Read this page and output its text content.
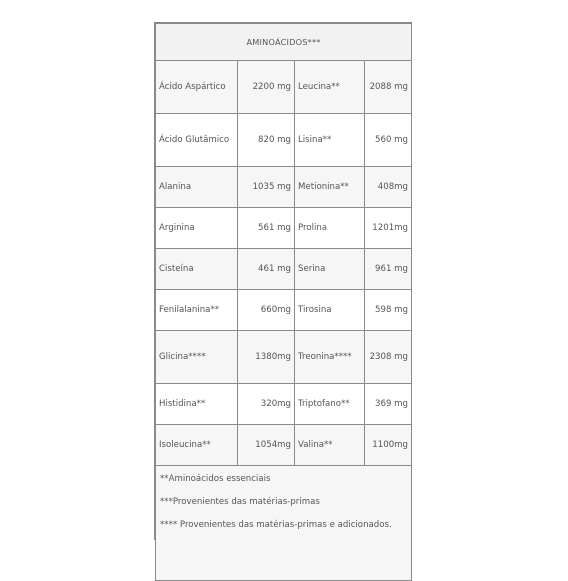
AMINOÁCIDOS***			
Ácido Aspártico	2200 mg	Leucina**	2088 mg
Ácido Glutâmico	820 mg	Lisina**	560 mg
Alanina	1035 mg	Metionina**	408mg
Arginina	561 mg	Prolina	1201mg
Cisteína	461 mg	Serina	961 mg
Fenilalanina**	660mg	Tirosina	598 mg
Glicina****	1380mg	Treonina****	2308 mg
Histidina**	320mg	Triptofano**	369 mg
Isoleucina**	1054mg	Valina**	1100mg

**Aminoácidos essenciais
***Provenientes das matérias-primas
**** Provenientes das matérias-primas e adicionados.			
